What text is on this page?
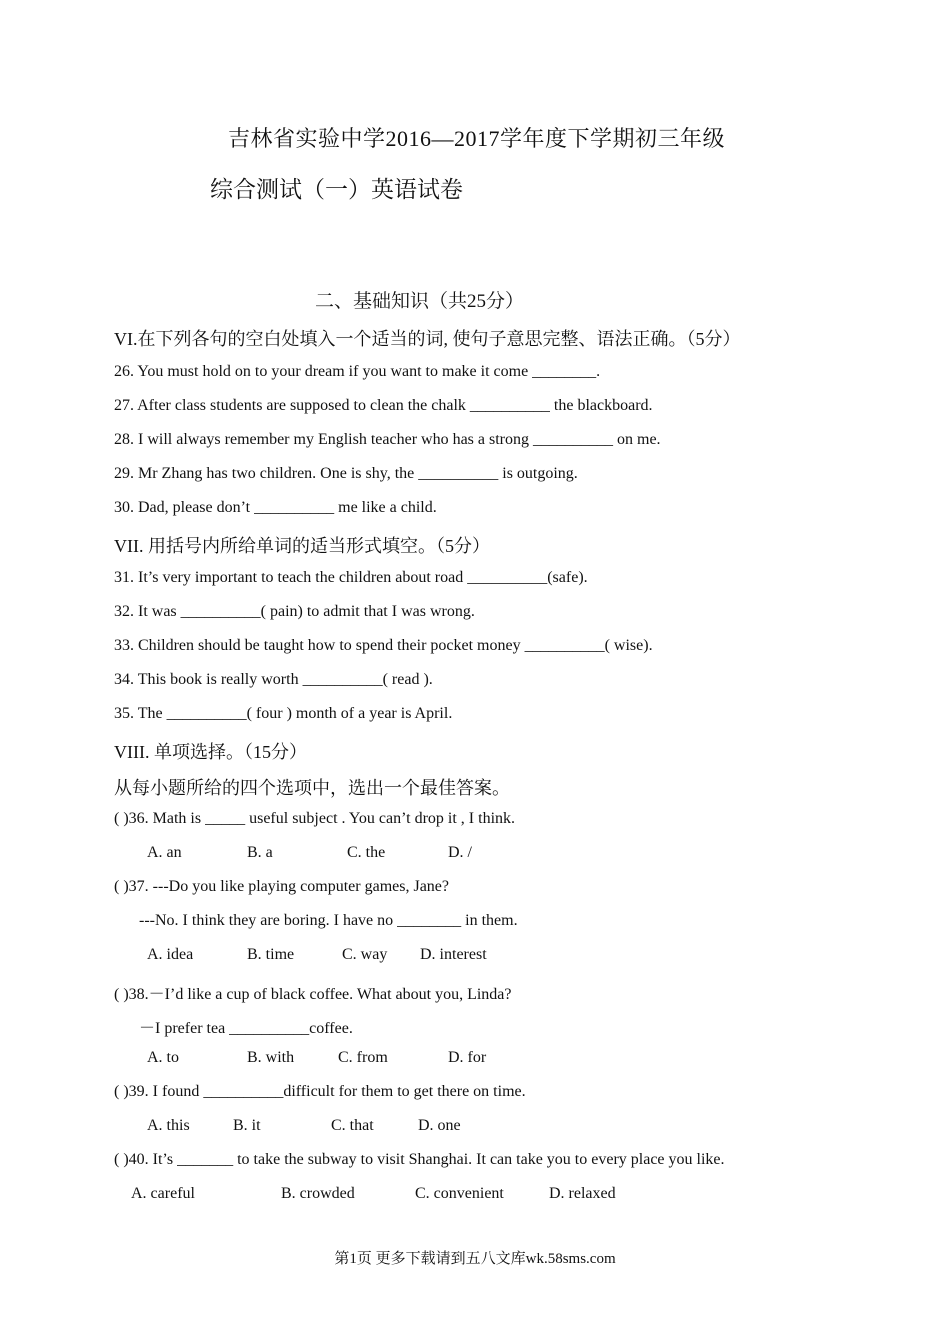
吉林省实验中学2016—2017学年度下学期初三年级
综合测试（一）英语试卷
二、基础知识（共25分）
VI.在下列各句的空白处填入一个适当的词, 使句子意思完整、语法正确。（5分）
26. You must hold on to your dream if you want to make it come ________.
27. After class students are supposed to clean the chalk __________ the blackboard.
28. I will always remember my English teacher who has a strong __________ on me.
29. Mr Zhang has two children. One is shy, the __________ is outgoing.
30. Dad, please don’t __________ me like a child.
VII. 用括号内所给单词的适当形式填空。（5分）
31. It’s very important to teach the children about road __________(safe).
32. It was __________( pain) to admit that I was wrong.
33. Children should be taught how to spend their pocket money __________( wise).
34. This book is really worth __________( read ).
35. The __________( four ) month of a year is April.
VIII. 单项选择。（15分）
从每小题所给的四个选项中，选出一个最佳答案。
( )36. Math is _____ useful subject . You can’t drop it , I think.
A. an	B. a	C. the	D. /
( )37. ---Do you like playing computer games, Jane?
---No. I think they are boring. I have no ________ in them.
A. idea	B. time	C. way D. interest
( )38.－I’d like a cup of black coffee. What about you, Linda?
－I prefer tea __________coffee.
A. to	B. with	C. from	D. for
( )39. I found __________difficult for them to get there on time.
A. this	B. it	C. that	D. one
( )40. It’s _______ to take the subway to visit Shanghai. It can take you to every place you like.
A. careful	B. crowded	C. convenient	D. relaxed
第1页 更多下载请到五八文库wk.58sms.com
